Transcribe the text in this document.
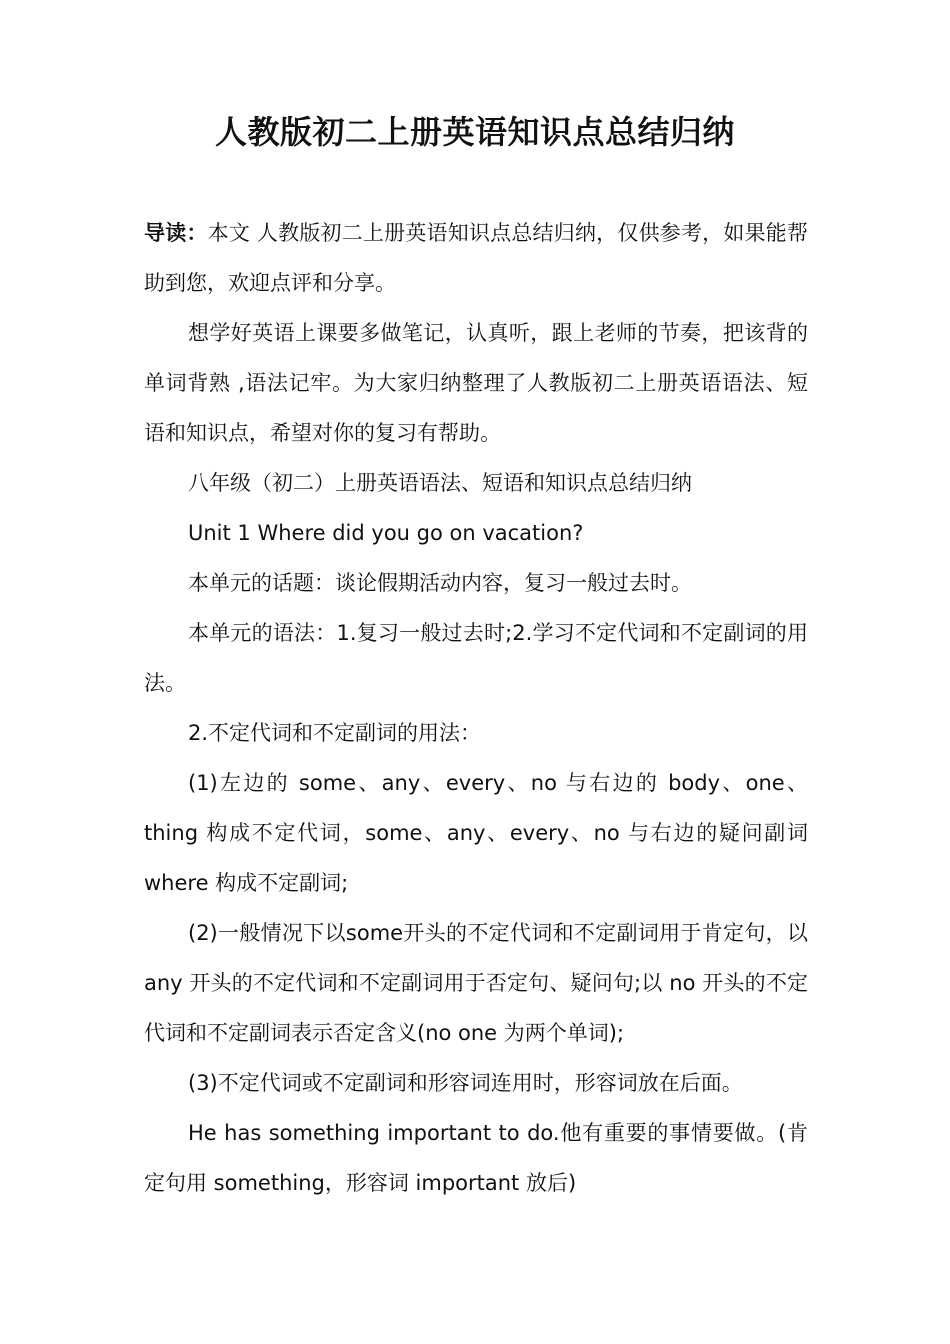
人教版初二上册英语知识点总结归纳

导读：本文 人教版初二上册英语知识点总结归纳，仅供参考，如果能帮助到您，欢迎点评和分享。

想学好英语上课要多做笔记，认真听，跟上老师的节奏，把该背的单词背熟 ,语法记牢。为大家归纳整理了人教版初二上册英语语法、短语和知识点，希望对你的复习有帮助。

八年级（初二）上册英语语法、短语和知识点总结归纳

Unit 1 Where did you go on vacation?

本单元的话题：谈论假期活动内容，复习一般过去时。

本单元的语法：1.复习一般过去时;2.学习不定代词和不定副词的用法。

2.不定代词和不定副词的用法：

(1)左边的 some、any、every、no 与右边的 body、one、thing 构成不定代词，some、any、every、no 与右边的疑问副词 where 构成不定副词;

(2)一般情况下以some开头的不定代词和不定副词用于肯定句，以 any 开头的不定代词和不定副词用于否定句、疑问句;以 no 开头的不定代词和不定副词表示否定含义(no one 为两个单词);

(3)不定代词或不定副词和形容词连用时，形容词放在后面。

He has something important to do.他有重要的事情要做。(肯定句用 something，形容词 important 放后)
